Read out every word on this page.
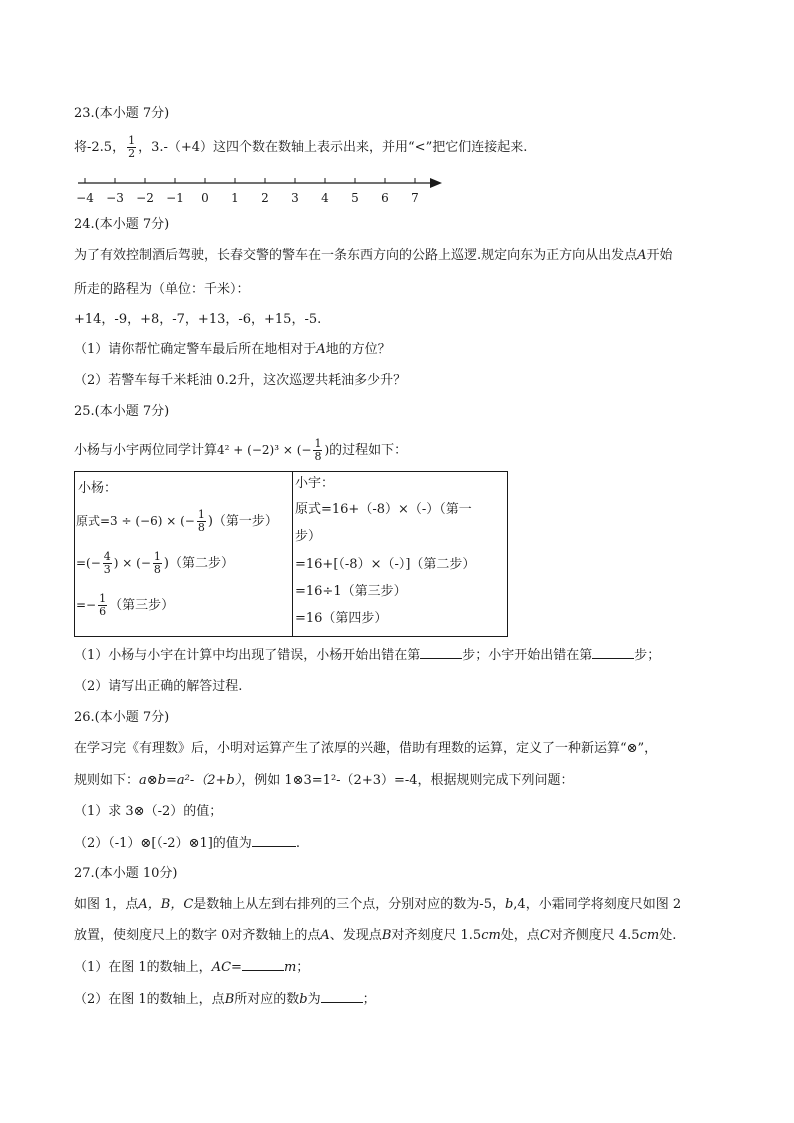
23.(本小题 7分)
将-2.5， $\frac{1}{2}$ ，3.-（+4）这四个数在数轴上表示出来，并用“<”把它们连接起来.
−4 −3 −2 −1 0 1 2 3 4 5 6 7
24.(本小题 7分)
为了有效控制酒后驾驶，长春交警的警车在一条东西方向的公路上巡逻.规定向东为正方向从出发点A开始
所走的路程为（单位：千米）：
+14，-9，+8，-7，+13，-6，+15，-5.
（1）请你帮忙确定警车最后所在地相对于A地的方位？
（2）若警车每千米耗油 0.2升，这次巡逻共耗油多少升？
25.(本小题 7分)
小杨与小宇两位同学计算4² + (−2)³ × (− $\frac{1}{8}$ )的过程如下：
小杨：
原式=3 ÷ (−6) × (− $\frac{1}{8}$ )（第一步）
=(− $\frac{4}{3}$ ) × (− $\frac{1}{8}$ )（第二步）
=− $\frac{1}{6}$ （第三步）
小宇：
原式=16+（-8）×（-）（第一
步）
=16+[（-8）×（-）]（第二步）
=16÷1（第三步）
=16（第四步）
（1）小杨与小宇在计算中均出现了错误，小杨开始出错在第	步；小宇开始出错在第	步；
（2）请写出正确的解答过程.
26.(本小题 7分)
在学习完《有理数》后，小明对运算产生了浓厚的兴趣，借助有理数的运算，定义了一种新运算“⊗”，
规则如下：a⊗b=a²-（2+b），例如 1⊗3=1²-（2+3）=-4，根据规则完成下列问题：
（1）求 3⊗（-2）的值；
（2）（-1）⊗[（-2）⊗1]的值为	.
27.(本小题 10分)
如图 1，点A，B，C是数轴上从左到右排列的三个点，分别对应的数为-5，b,4，小霜同学将刻度尺如图 2
放置，使刻度尺上的数字 0对齐数轴上的点A、发现点B对齐刻度尺 1.5cm处，点C对齐侧度尺 4.5cm处.
（1）在图 1的数轴上，AC=	m；
（2）在图 1的数轴上，点B所对应的数b为	；
